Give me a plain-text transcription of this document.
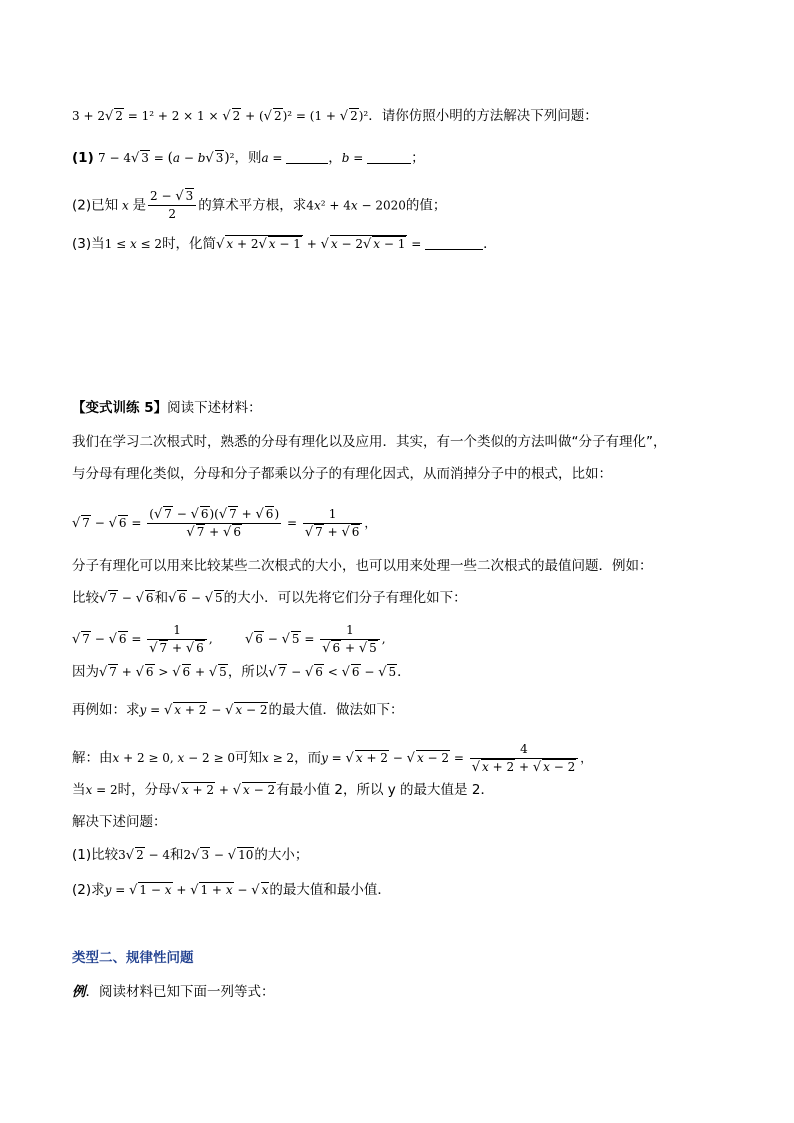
3 + 2√ 2 = 1² + 2 × 1 × √ 2 + (√ 2)² = (1 + √ 2)²．请你仿照小明的方法解决下列问题：
(1) 7 − 4√ 3 = (a − b√ 3)²，则a =	，b =	；
(2)已知 x 是 $\frac{2 - √ 3}{2}$ 的算术平方根，求4x² + 4x − 2020的值；
(3)当1 ≤ x ≤ 2时，化简√ x + 2√ x − 1 + √ x − 2√ x − 1 =	．
【变式训练 5】阅读下述材料：
我们在学习二次根式时，熟悉的分母有理化以及应用．其实，有一个类似的方法叫做“分子有理化”，
与分母有理化类似，分母和分子都乘以分子的有理化因式，从而消掉分子中的根式，比如：
√ 7 − √ $6 = \frac{(√ 7 - √ 6)(√ 7 + √ 6)}{√ 7 + √ 6} = \frac{1}{√ 7 + √ 6}$ ，
分子有理化可以用来比较某些二次根式的大小，也可以用来处理一些二次根式的最值问题．例如：
比较√ 7 − √ 6和√ 6 − √ 5的大小．可以先将它们分子有理化如下：
√ 7 − √ $6 = \frac{1}{√ 7 + √ 6}$ , √ 6 − √ $5 = \frac{1}{√ 6 + √ 5}$ ,
因为√ 7 + √ 6 > √ 6 + √ 5，所以√ 7 − √ 6 < √ 6 − √ 5．
再例如：求y = √ x + 2 − √ x − 2的最大值．做法如下：
解：由x + 2 ≥ 0, x − 2 ≥ 0可知x ≥ 2，而y = √ x + 2 − √ $x - 2 = \frac{4}{√ x + 2 + √ x - 2}$ ，
当x = 2时，分母√ x + 2 + √ x − 2有最小值 2，所以 y 的最大值是 2．
解决下述问题：
(1)比较3√ 2 − 4和2√ 3 − √ 10的大小；
(2)求y = √ 1 − x + √ 1 + x − √ x的最大值和最小值．
类型二、规律性问题
例．阅读材料已知下面一列等式：
